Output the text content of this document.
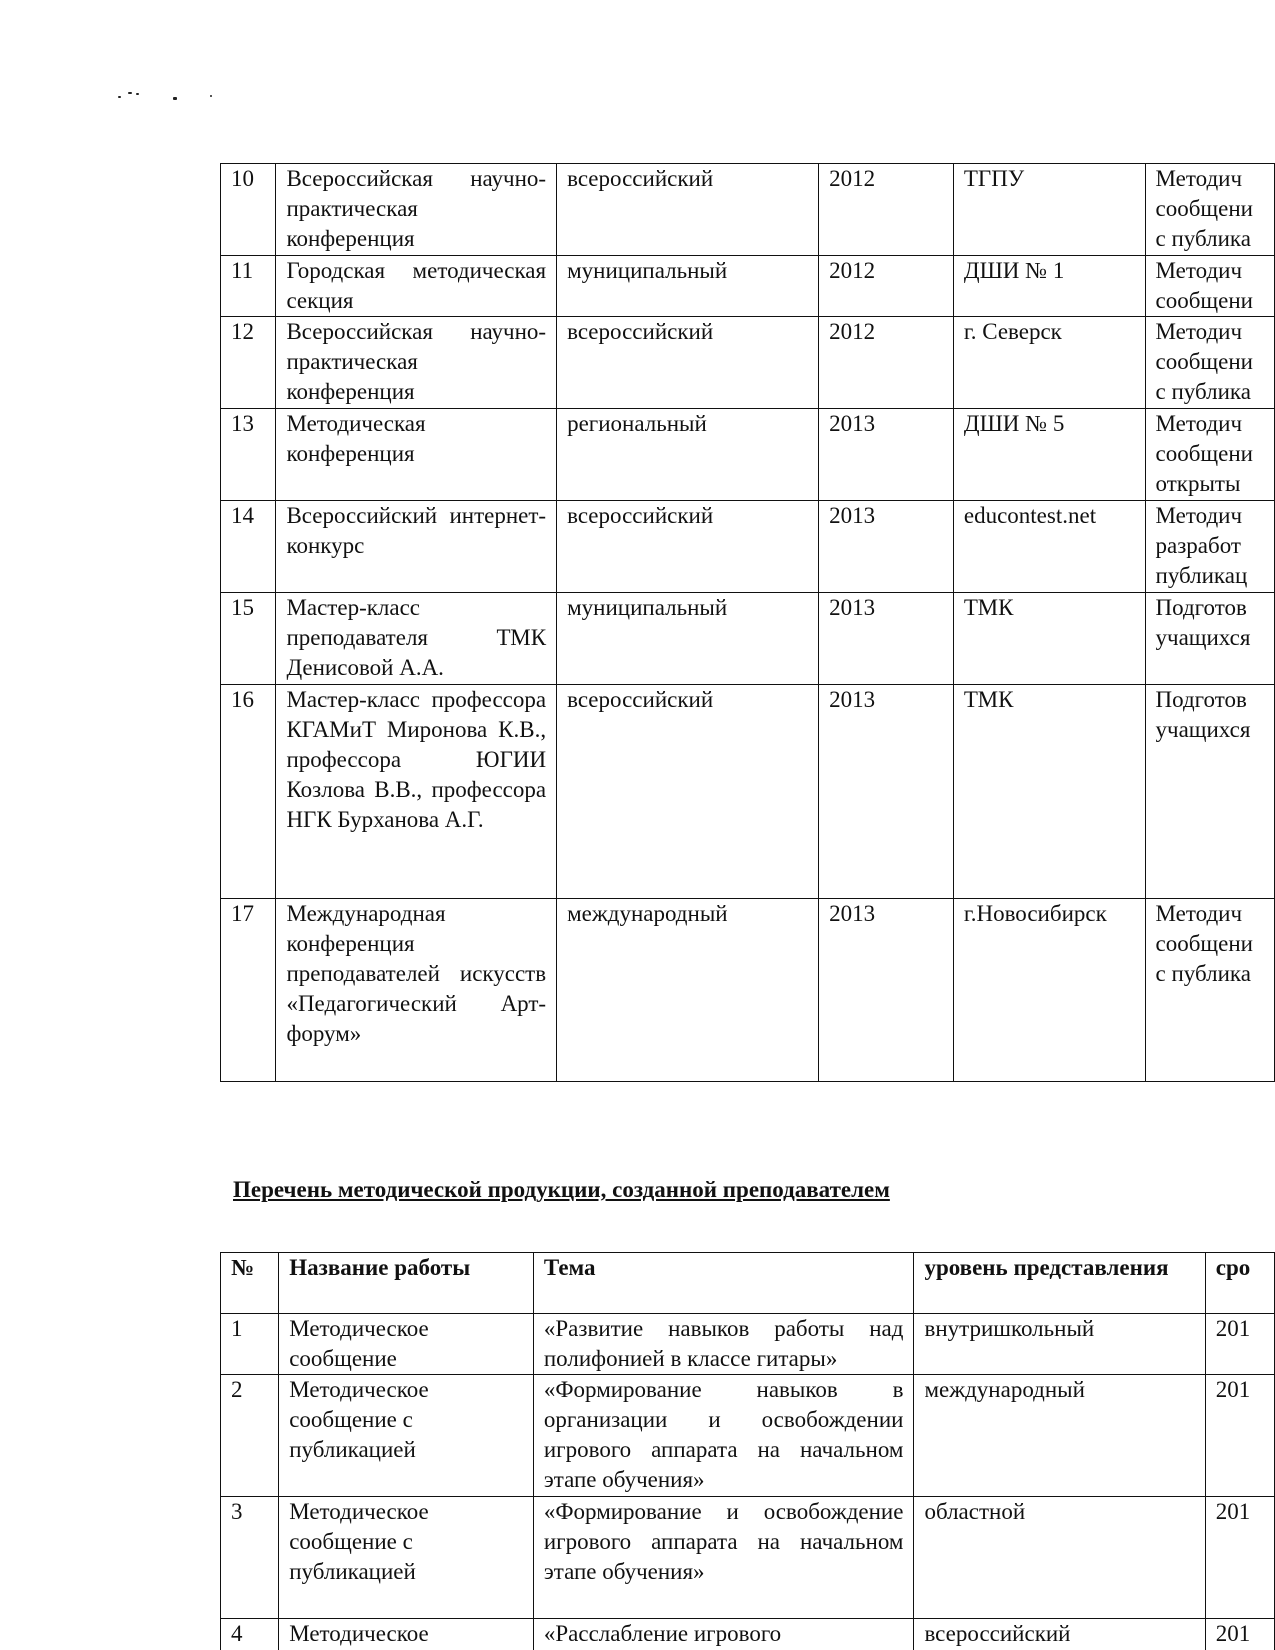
10	Всероссийская научно-практическая конференция	всероссийский	2012	ТГПУ	Методич сообщени с публика
11	Городская методическая секция	муниципальный	2012	ДШИ № 1	Методич сообщени
12	Всероссийская научно-практическая конференция	всероссийский	2012	г. Северск	Методич сообщени с публика
13	Методическая конференция	региональный	2013	ДШИ № 5	Методич сообщени открыты
14	Всероссийский интернет-конкурс	всероссийский	2013	educontest.net	Методич разработ публикац
15	Мастер-класс преподавателя ТМК Денисовой А.А.	муниципальный	2013	ТМК	Подготов учащихся
16	Мастер-класс профессора КГАМиТ Миронова К.В., профессора ЮГИИ Козлова В.В., профессора НГК Бурханова А.Г.	всероссийский	2013	ТМК	Подготов учащихся
17	Международная конференция преподавателей искусств «Педагогический Арт-форум»	международный	2013	г.Новосибирск	Методич сообщени с публика
Перечень методической продукции, созданной преподавателем
№	Название работы	Тема	уровень представления	сро
1	Методическое сообщение	«Развитие навыков работы над полифонией в классе гитары»	внутришкольный	201
2	Методическое сообщение с публикацией	«Формирование навыков в организации и освобождении игрового аппарата на начальном этапе обучения»	международный	201
3	Методическое сообщение с публикацией	«Формирование и освобождение игрового аппарата на начальном этапе обучения»	областной	201
4	Методическое	«Расслабление игрового	всероссийский	201
